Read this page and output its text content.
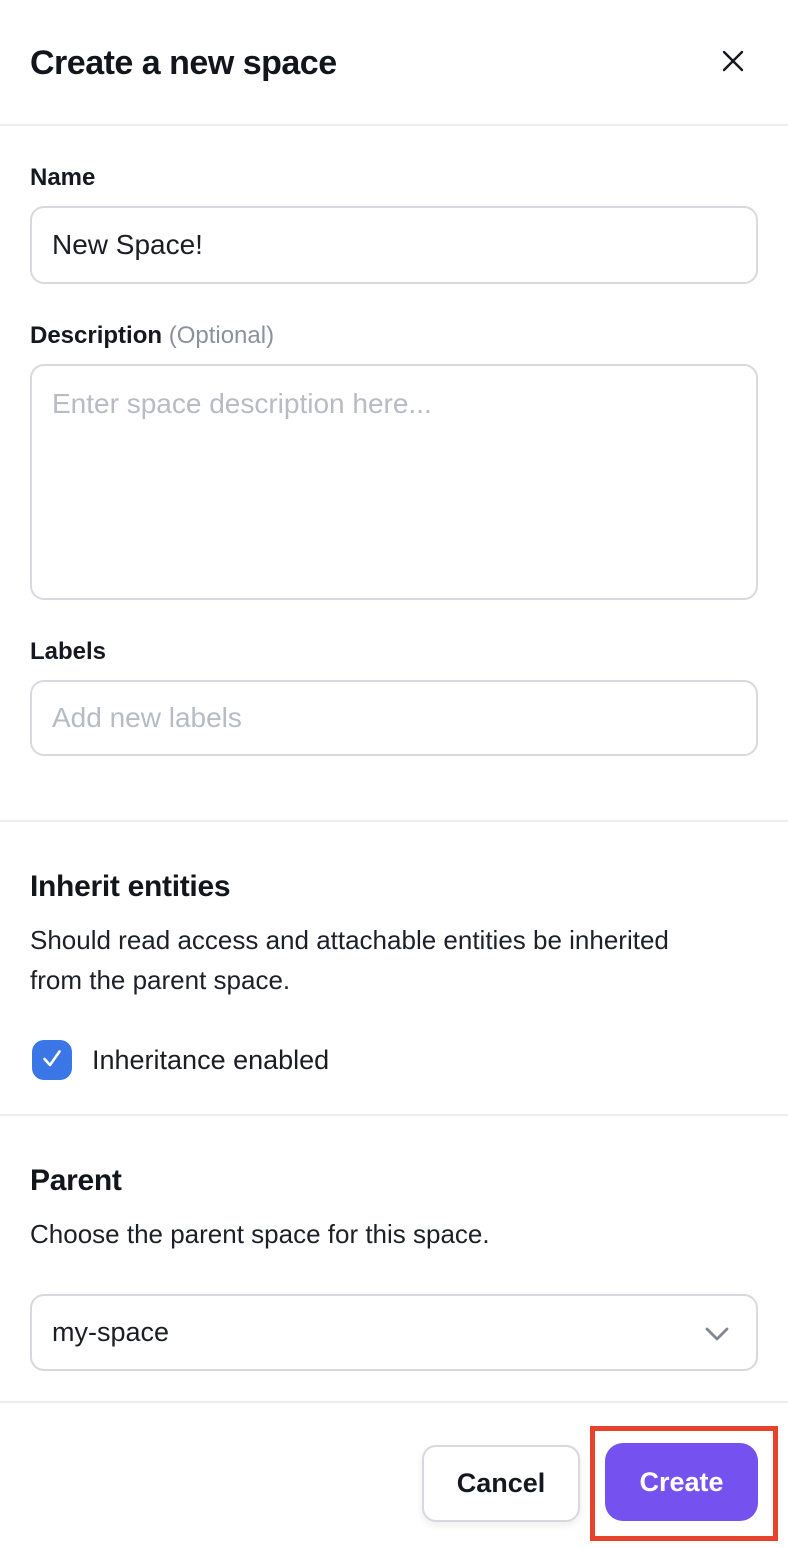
Create a new space
Name
New Space!
Description (Optional)
Enter space description here...
Labels
Add new labels
Inherit entities
Should read access and attachable entities be inherited from the parent space.
Inheritance enabled
Parent
Choose the parent space for this space.
my-space
Cancel	Create
